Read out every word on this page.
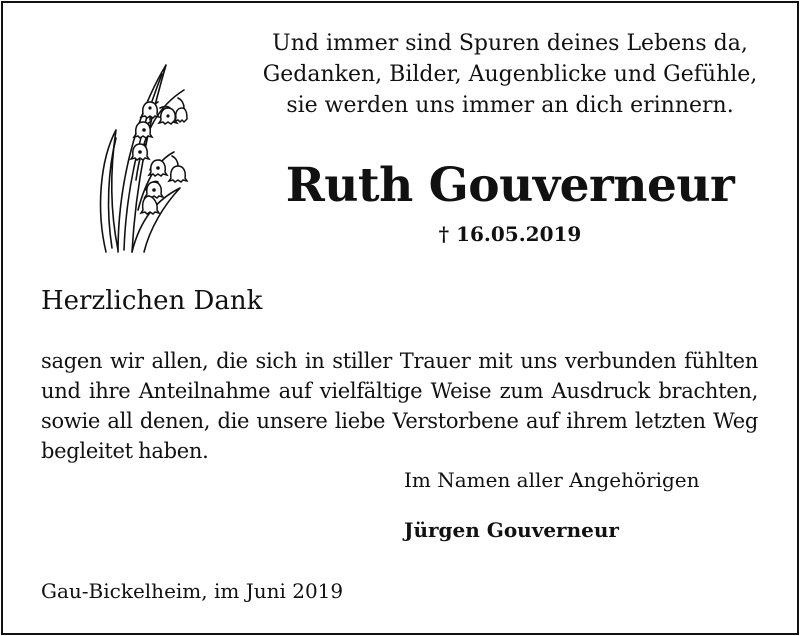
Und immer sind Spuren deines Lebens da,
Gedanken, Bilder, Augenblicke und Gefühle,
sie werden uns immer an dich erinnern.
Ruth Gouverneur
† 16.05.2019
Herzlichen Dank
sagen wir allen, die sich in stiller Trauer mit uns verbunden fühlten und ihre Anteilnahme auf vielfältige Weise zum Ausdruck brachten, sowie all denen, die unsere liebe Verstorbene auf ihrem letzten Weg begleitet haben.
Im Namen aller Angehörigen
Jürgen Gouverneur
Gau-Bickelheim, im Juni 2019
